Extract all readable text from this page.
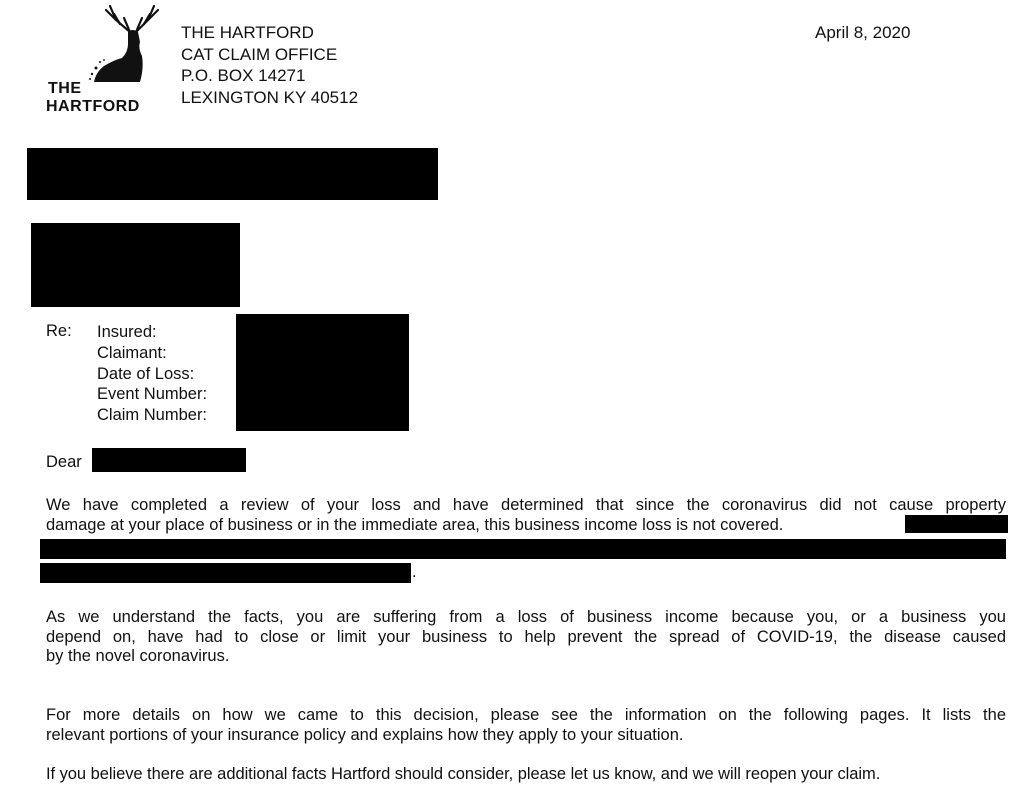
THE
HARTFORD
THE HARTFORD
CAT CLAIM OFFICE
P.O. BOX 14271
LEXINGTON KY 40512
April 8, 2020
Re: Insured:
Claimant:
Date of Loss:
Event Number:
Claim Number:
Dear
We have completed a review of your loss and have determined that since the coronavirus did not cause property
damage at your place of business or in the immediate area, this business income loss is not covered.
.
As we understand the facts, you are suffering from a loss of business income because you, or a business you
depend on, have had to close or limit your business to help prevent the spread of COVID-19, the disease caused
by the novel coronavirus.
For more details on how we came to this decision, please see the information on the following pages. It lists the
relevant portions of your insurance policy and explains how they apply to your situation.
If you believe there are additional facts Hartford should consider, please let us know, and we will reopen your claim.
